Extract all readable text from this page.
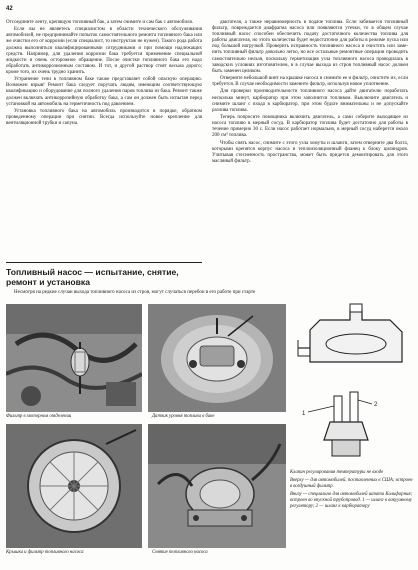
42

Отсоедините ленту, крепящую топливный бак, а затем снимите и сам бак с автомобиля.

Если вы не являетесь специалистом в области технического обслуживания автомобилей, не предпринимайте попыток самостоятельного ремонта топливного бака или же очистки его от коррозии (если специалист, то инструктаж не нужен). Такого рода работа должна выполняться квалифицированными сотрудниками и при помощи надлежащих средств. Например, для удаления коррозии бака требуется применение специальной жидкости и очень осторожное обращение. После очистки топливного бака его надо обработать антикоррозионным составом. И тот, и другой раствор стоят весьма дорого; кроме того, их очень трудно хранить.

Устранение течи в топливном баке также представляет собой опасную операцию. Возможен взрыв! Ремонт бака следует поручать людям, имеющим соответствующую квалификацию и оборудование для полного удаления паров топлива из бака. Ремонт также должен включать антикоррозийную обработку бака, а сам он должен быть испытан перед установкой на автомобиль на герметичность под давлением.

Установка топливного бака на автомобиль производится в порядке, обратном проведенному операции при снятии. Всегда используйте новое крепление для вентиляционной трубки и сапуна.

двигателя, а также неравномерность в подаче топлива. Если забивается топливный фильтр, повреждается диафрагма насоса или появляются утечки, то в общем случае топливный насос способен обеспечить подачу достаточного количества топлива для работы двигателя, но этого количества будет недостаточно для работы в режиме пуска или под большой нагрузкой. Проверить исправность топливного насоса и очистить или заменить топливный фильтр довольно легко, но все остальные ремонтные операции проводить самостоятельно нельзя, поскольку герметизация узла топливного насоса проводилась в заводских условиях изготовителем, и в случае выхода из строя топливный насос должен быть заменен целиком.

Отверните небольшой винт на крышке насоса и снимите ее и фильтр, очистите их, если требуется. В случае необходимости замените фильтр, используя новое уплотнение.

Для проверки производительности топливного насоса дайте двигателю поработать несколько минут, карбюратор при этом заполнится топливом. Выключите двигатель и снимите шланг с входа в карбюратор, при этом будьте внимательны и не допускайте разлива топлива.

Теперь попросите помощника включить двигатель, а сами соберите выходящее из насоса топливо в мерный сосуд. В карбюратор топлива будет достаточно для работы в течение примерно 30 с. Если насос работает нормально, в мерный сосуд наберется около 200 см³ топлива.

Чтобы снять насос, снимите с этого узла хомуты и шланги, затем отверните два болта, которыми крепятся корпус насоса и теплоизоляционный фланец к блоку цилиндров. Учитывая стесненность пространства, может быть придется демонтировать для этого масляный фильтр.

Топливный насос — испытание, снятие, ремонт и установка

Несмотря на редкие случаи выхода топливного насоса из строя, могут случаться перебои в его работе при старте

Фильтр в моторном отделении	Датчик уровня топлива в баке	1
2
Крышка и фильтр топливного насоса	Снятие топливного насоса
Клапан регулирования температуры не входе

Вверху — для автомобилей, поставленных в США; встроен в воздушный фильтр.

Внизу — специально для автомобилей штата Калифорния; встроен во впускной трубопровод. 1 — шланг к вакуумному регулятору; 2 — шланг к карбюратору
